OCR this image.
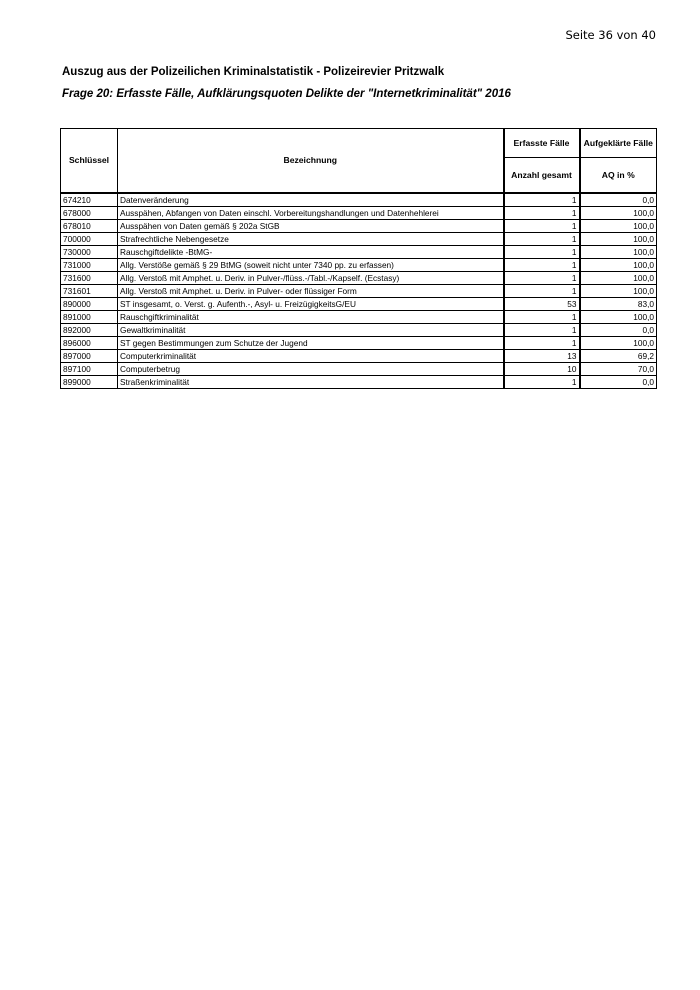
Seite 36 von 40
Auszug aus der Polizeilichen Kriminalstatistik - Polizeirevier Pritzwalk
Frage 20: Erfasste Fälle, Aufklärungsquoten Delikte der "Internetkriminalität" 2016
Schlüssel	Bezeichnung	Erfasste Fälle	Aufgeklärte Fälle
		Anzahl gesamt	AQ in %
674210	Datenveränderung	1	0,0
678000	Ausspähen, Abfangen von Daten einschl. Vorbereitungshandlungen und Datenhehlerei	1	100,0
678010	Ausspähen von Daten gemäß § 202a StGB	1	100,0
700000	Strafrechtliche Nebengesetze	1	100,0
730000	Rauschgiftdelikte -BtMG-	1	100,0
731000	Allg. Verstöße gemäß § 29 BtMG (soweit nicht unter 7340 pp. zu erfassen)	1	100,0
731600	Allg. Verstoß mit Amphet. u. Deriv. in Pulver-/flüss.-/Tabl.-/Kapself. (Ecstasy)	1	100,0
731601	Allg. Verstoß mit Amphet. u. Deriv. in Pulver- oder flüssiger Form	1	100,0
890000	ST insgesamt, o. Verst. g. Aufenth.-, Asyl- u. FreizügigkeitsG/EU	53	83,0
891000	Rauschgiftkriminalität	1	100,0
892000	Gewaltkriminalität	1	0,0
896000	ST gegen Bestimmungen zum Schutze der Jugend	1	100,0
897000	Computerkriminalität	13	69,2
897100	Computerbetrug	10	70,0
899000	Straßenkriminalität	1	0,0
